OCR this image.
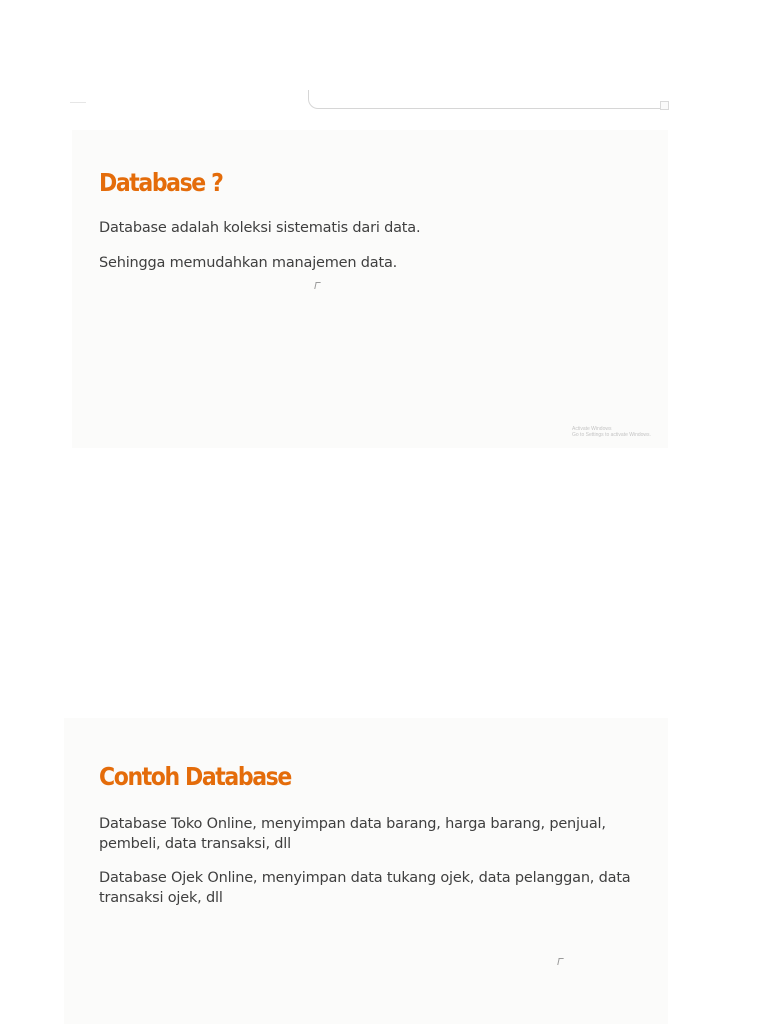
Database ?

Database adalah koleksi sistematis dari data.

Sehingga memudahkan manajemen data.

Activate Windows
Go to Settings to activate Windows.
Contoh Database

Database Toko Online, menyimpan data barang, harga barang, penjual, pembeli, data transaksi, dll

Database Ojek Online, menyimpan data tukang ojek, data pelanggan, data transaksi ojek, dll
